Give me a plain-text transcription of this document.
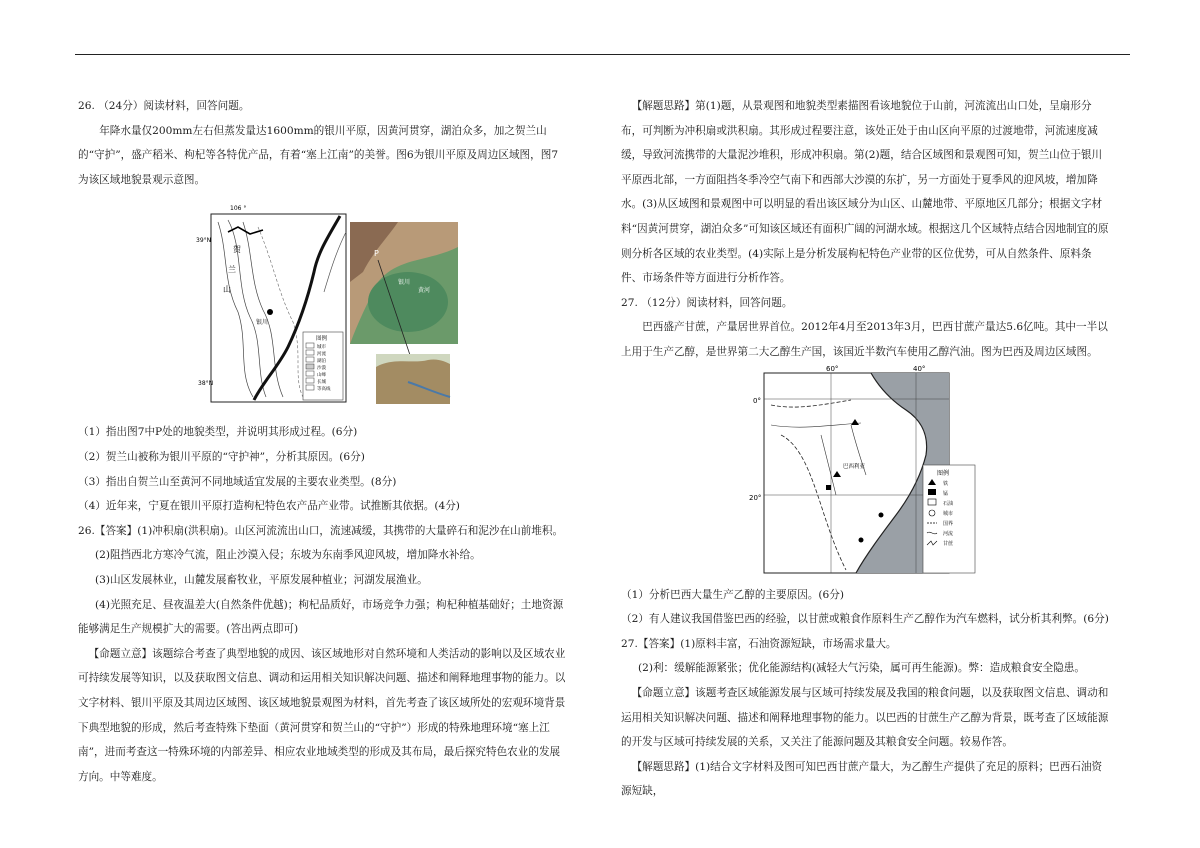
26. （24分）阅读材料，回答问题。

年降水量仅200mm左右但蒸发量达1600mm的银川平原，因黄河贯穿，湖泊众多，加之贺兰山的“守护”，盛产稻米、枸杞等各特优产品，有着“塞上江南”的美誉。图6为银川平原及周边区域图，图7为该区域地貌景观示意图。

106 °
39°N
38°N
贺
兰
山
银川
图例
城市
河流
湖泊
沙漠
山峰
长城
等高线
P
银川
黄河

（1）指出图7中P处的地貌类型，并说明其形成过程。(6分)

（2）贺兰山被称为银川平原的“守护神”，分析其原因。(6分)

（3）指出自贺兰山至黄河不同地域适宜发展的主要农业类型。(8分)

（4）近年来，宁夏在银川平原打造枸杞特色农产品产业带。试推断其依据。(4分)

26.【答案】(1)冲积扇(洪积扇)。山区河流流出山口，流速减缓，其携带的大量碎石和泥沙在山前堆积。

(2)阻挡西北方寒冷气流，阻止沙漠入侵；东坡为东南季风迎风坡，增加降水补给。

(3)山区发展林业，山麓发展畜牧业，平原发展种植业；河湖发展渔业。

(4)光照充足、昼夜温差大(自然条件优越)；枸杞品质好，市场竞争力强；枸杞种植基础好；土地资源能够满足生产规模扩大的需要。(答出两点即可)

【命题立意】该题综合考查了典型地貌的成因、该区域地形对自然环境和人类活动的影响以及区域农业可持续发展等知识，以及获取图文信息、调动和运用相关知识解决问题、描述和阐释地理事物的能力。以文字材料、银川平原及其周边区域图、该区域地貌景观图为材料，首先考查了该区域所处的宏观环境背景下典型地貌的形成，然后考查特殊下垫面（黄河贯穿和贺兰山的“守护”）形成的特殊地理环境“塞上江南”，进而考查这一特殊环境的内部差异、相应农业地域类型的形成及其布局，最后探究特色农业的发展方向。中等难度。

【解题思路】第(1)题，从景观图和地貌类型素描图看该地貌位于山前，河流流出山口处，呈扇形分布，可判断为冲积扇或洪积扇。其形成过程要注意，该处正处于由山区向平原的过渡地带，河流速度减缓，导致河流携带的大量泥沙堆积，形成冲积扇。第(2)题，结合区域图和景观图可知，贺兰山位于银川平原西北部，一方面阻挡冬季冷空气南下和西部大沙漠的东扩，另一方面处于夏季风的迎风坡，增加降水。(3)从区域图和景观图中可以明显的看出该区域分为山区、山麓地带、平原地区几部分；根据文字材料“因黄河贯穿，湖泊众多”可知该区域还有面积广阔的河湖水域。根据这几个区域特点结合因地制宜的原则分析各区域的农业类型。(4)实际上是分析发展枸杞特色产业带的区位优势，可从自然条件、原料条件、市场条件等方面进行分析作答。

27. （12分）阅读材料，回答问题。

巴西盛产甘蔗，产量居世界首位。2012年4月至2013年3月，巴西甘蔗产量达5.6亿吨。其中一半以上用于生产乙醇，是世界第二大乙醇生产国，该国近半数汽车使用乙醇汽油。图为巴西及周边区域图。

60°	40°
0°
20°
巴西利亚
图例
铁
锰
石油
城市
国界
河流
甘蔗

（1）分析巴西大量生产乙醇的主要原因。(6分)

（2）有人建议我国借鉴巴西的经验，以甘蔗或粮食作原料生产乙醇作为汽车燃料，试分析其利弊。(6分)

27.【答案】(1)原料丰富，石油资源短缺，市场需求量大。

(2)利：缓解能源紧张；优化能源结构(减轻大气污染，属可再生能源)。弊：造成粮食安全隐患。

【命题立意】该题考查区域能源发展与区域可持续发展及我国的粮食问题，以及获取图文信息、调动和运用相关知识解决问题、描述和阐释地理事物的能力。以巴西的甘蔗生产乙醇为背景，既考查了区域能源的开发与区域可持续发展的关系，又关注了能源问题及其粮食安全问题。较易作答。

【解题思路】(1)结合文字材料及图可知巴西甘蔗产量大，为乙醇生产提供了充足的原料；巴西石油资源短缺，
